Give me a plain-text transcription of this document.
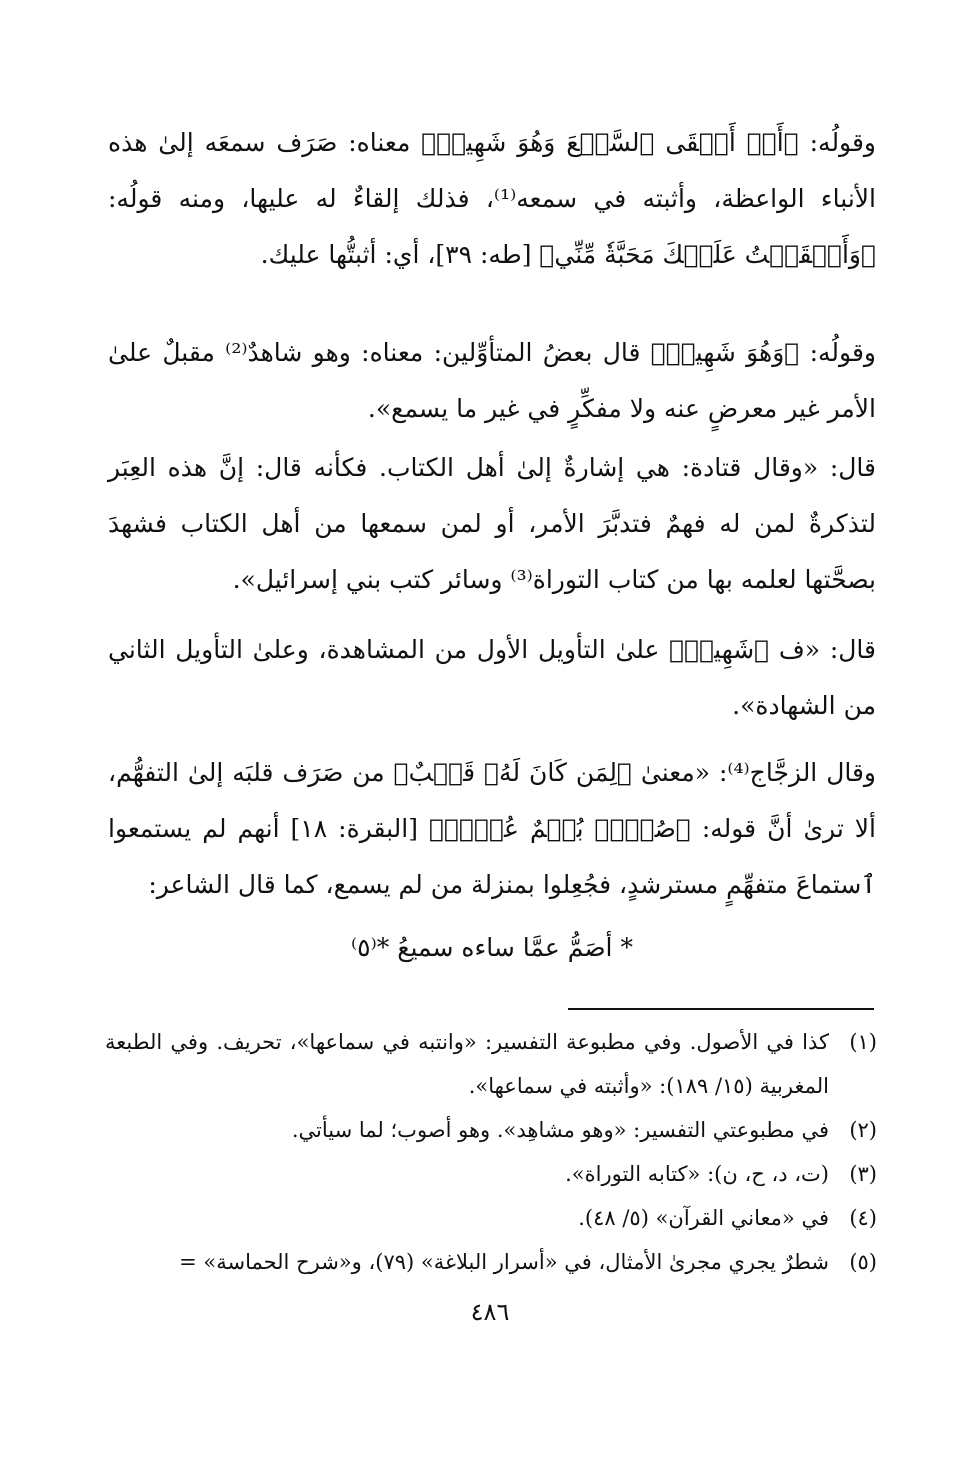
وقولُه: ﴿أَوۡ أَلۡقَى ٱلسَّمۡعَ وَهُوَ شَهِيدٞ﴾ معناه: صَرَف سمعَه إلىٰ هذه الأنباء الواعظة، وأثبته في سمعه⁽¹⁾، فذلك إلقاءٌ له عليها، ومنه قولُه: ﴿وَأَلۡقَيۡتُ عَلَيۡكَ مَحَبَّةٗ مِّنِّي﴾ [طه: ٣٩]، أي: أثبتُّها عليك.

وقولُه: ﴿وَهُوَ شَهِيدٞ﴾ قال بعضُ المتأوِّلين: معناه: وهو شاهدٌ⁽²⁾ مقبلٌ علىٰ الأمر غير معرضٍ عنه ولا مفكِّرٍ في غير ما يسمع».

قال: «وقال قتادة: هي إشارةٌ إلىٰ أهل الكتاب. فكأنه قال: إنَّ هذه العِبَر لتذكرةٌ لمن له فهمٌ فتدبَّرَ الأمر، أو لمن سمعها من أهل الكتاب فشهدَ بصحَّتها لعلمه بها من كتاب التوراة⁽³⁾ وسائر كتب بني إسرائيل».

قال: «ف ﴿شَهِيدٞ﴾ علىٰ التأويل الأول من المشاهدة، وعلىٰ التأويل الثاني من الشهادة».

وقال الزجَّاج⁽⁴⁾: «معنىٰ ﴿لِمَن كَانَ لَهُۥ قَلۡبٌ﴾ من صَرَف قلبَه إلىٰ التفهُّم، ألا ترىٰ أنَّ قوله: ﴿صُمُّۢ بُكۡمٌ عُمۡيٞ﴾ [البقرة: ١٨] أنهم لم يستمعوا ٱستماعَ متفهِّمٍ مسترشدٍ، فجُعِلوا بمنزلة من لم يسمع، كما قال الشاعر:

* أصَمُّ عمَّا ساءه سميعُ *⁽٥⁾
(١)
كذا في الأصول. وفي مطبوعة التفسير: «وانتبه في سماعها»، تحريف. وفي الطبعة المغربية (١٥/ ١٨٩): «وأثبته في سماعها».
(٢)
في مطبوعتي التفسير: «وهو مشاهِد». وهو أصوب؛ لما سيأتي.
(٣)
(ت، د، ح، ن): «كتابه التوراة».
(٤)
في «معاني القرآن» (٥/ ٤٨).
(٥)
شطرٌ يجري مجرىٰ الأمثال، في «أسرار البلاغة» (٧٩)، و«شرح الحماسة» =
٤٨٦
